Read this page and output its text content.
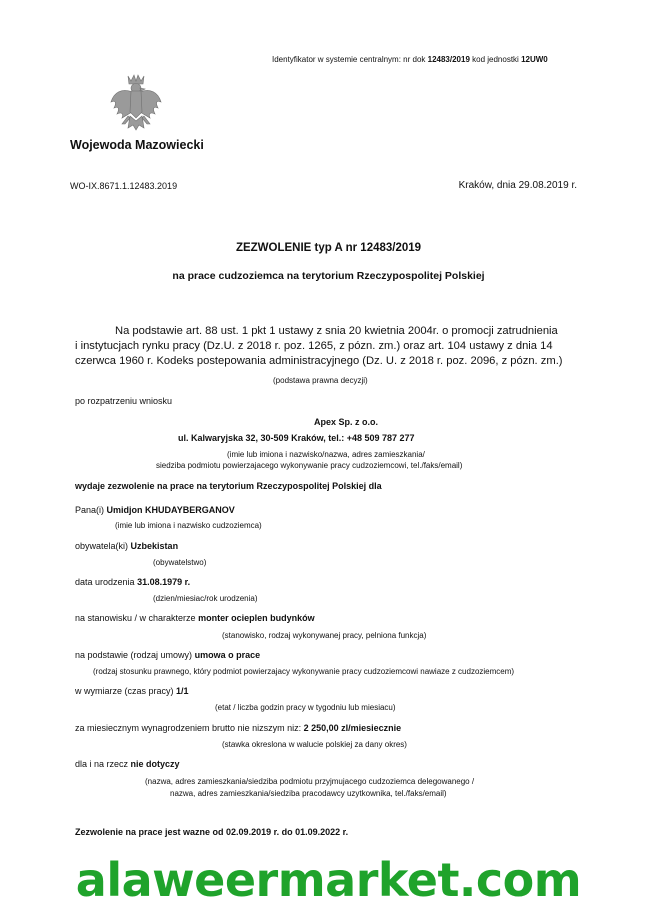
Identyfikator w systemie centralnym: nr dok 12483/2019 kod jednostki 12UW0
Wojewoda Mazowiecki
WO-IX.8671.1.12483.2019	Kraków, dnia 29.08.2019 r.
ZEZWOLENIE typ A nr 12483/2019
na prace cudzoziemca na terytorium Rzeczypospolitej Polskiej
Na podstawie art. 88 ust. 1 pkt 1 ustawy z snia 20 kwietnia 2004r. o promocji zatrudnienia
i instytucjach rynku pracy (Dz.U. z 2018 r. poz. 1265, z pózn. zm.) oraz art. 104 ustawy z dnia 14
czerwca 1960 r. Kodeks postepowania administracyjnego (Dz. U. z 2018 r. poz. 2096, z pózn. zm.)
(podstawa prawna decyzji)
po rozpatrzeniu wniosku
Apex Sp. z o.o.
ul. Kalwaryjska 32, 30-509 Kraków, tel.: +48 509 787 277
(imie lub imiona i nazwisko/nazwa, adres zamieszkania/
siedziba podmiotu powierzajacego wykonywanie pracy cudzoziemcowi, tel./faks/email)
wydaje zezwolenie na prace na terytorium Rzeczypospolitej Polskiej dla
Pana(i) Umidjon KHUDAYBERGANOV
(imie lub imiona i nazwisko cudzoziemca)
obywatela(ki) Uzbekistan
(obywatelstwo)
data urodzenia 31.08.1979 r.
(dzien/miesiac/rok urodzenia)
na stanowisku / w charakterze monter ocieplen budynków
(stanowisko, rodzaj wykonywanej pracy, pelniona funkcja)
na podstawie (rodzaj umowy) umowa o prace
(rodzaj stosunku prawnego, który podmiot powierzajacy wykonywanie pracy cudzoziemcowi nawiaze z cudzoziemcem)
w wymiarze (czas pracy) 1/1
(etat / liczba godzin pracy w tygodniu lub miesiacu)
za miesiecznym wynagrodzeniem brutto nie nizszym niz: 2 250,00 zl/miesiecznie
(stawka okreslona w walucie polskiej za dany okres)
dla i na rzecz nie dotyczy
(nazwa, adres zamieszkania/siedziba podmiotu przyjmujacego cudzoziemca delegowanego /
nazwa, adres zamieszkania/siedziba pracodawcy uzytkownika, tel./faks/email)
Zezwolenie na prace jest wazne od 02.09.2019 r. do 01.09.2022 r.
alaweermarket.com
